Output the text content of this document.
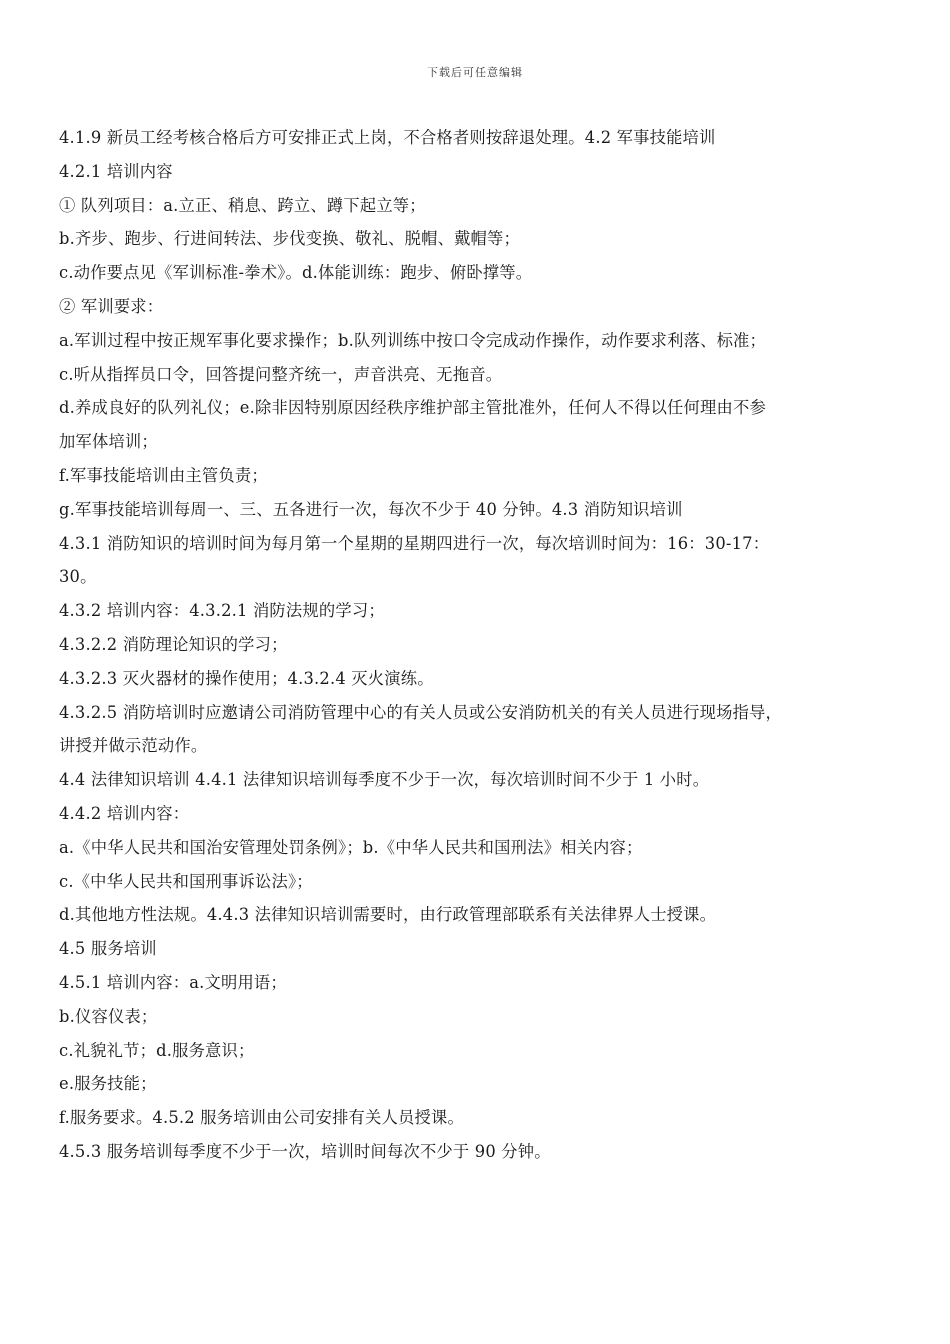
下载后可任意编辑
4.1.9 新员工经考核合格后方可安排正式上岗，不合格者则按辞退处理。4.2 军事技能培训
4.2.1 培训内容
① 队列项目：a.立正、稍息、跨立、蹲下起立等；
b.齐步、跑步、行进间转法、步伐变换、敬礼、脱帽、戴帽等；
c.动作要点见《军训标准-拳术》。d.体能训练：跑步、俯卧撑等。
② 军训要求：
a.军训过程中按正规军事化要求操作；b.队列训练中按口令完成动作操作，动作要求利落、标准；
c.听从指挥员口令，回答提问整齐统一，声音洪亮、无拖音。
d.养成良好的队列礼仪；e.除非因特别原因经秩序维护部主管批准外，任何人不得以任何理由不参
加军体培训；
f.军事技能培训由主管负责；
g.军事技能培训每周一、三、五各进行一次，每次不少于 40 分钟。4.3 消防知识培训
4.3.1 消防知识的培训时间为每月第一个星期的星期四进行一次，每次培训时间为：16：30-17：
30。
4.3.2 培训内容：4.3.2.1 消防法规的学习；
4.3.2.2 消防理论知识的学习；
4.3.2.3 灭火器材的操作使用；4.3.2.4 灭火演练。
4.3.2.5 消防培训时应邀请公司消防管理中心的有关人员或公安消防机关的有关人员进行现场指导，
讲授并做示范动作。
4.4 法律知识培训 4.4.1 法律知识培训每季度不少于一次，每次培训时间不少于 1 小时。
4.4.2 培训内容：
a.《中华人民共和国治安管理处罚条例》；b.《中华人民共和国刑法》相关内容；
c.《中华人民共和国刑事诉讼法》；
d.其他地方性法规。4.4.3 法律知识培训需要时，由行政管理部联系有关法律界人士授课。
4.5 服务培训
4.5.1 培训内容：a.文明用语；
b.仪容仪表；
c.礼貌礼节；d.服务意识；
e.服务技能；
f.服务要求。4.5.2 服务培训由公司安排有关人员授课。
4.5.3 服务培训每季度不少于一次，培训时间每次不少于 90 分钟。
